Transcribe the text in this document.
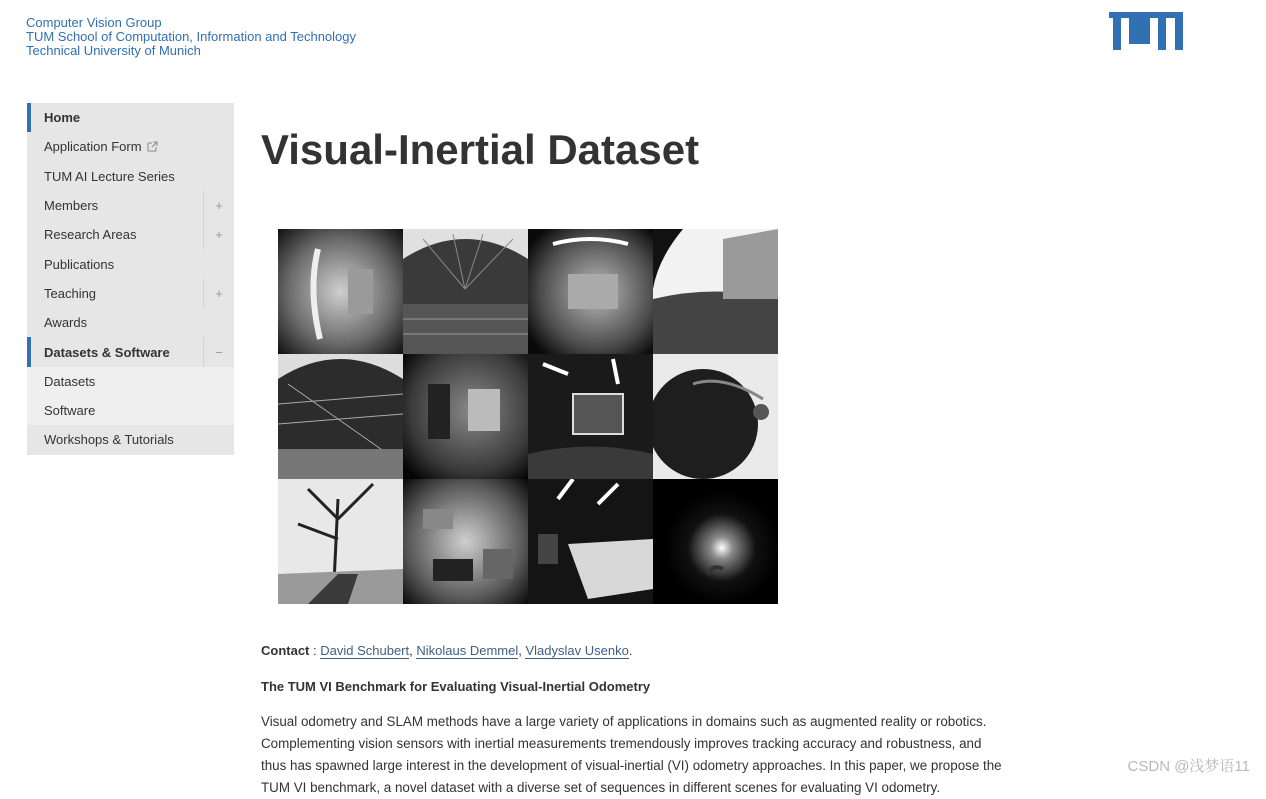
Computer Vision Group
TUM School of Computation, Information and Technology
Technical University of Munich
Home
Application Form
TUM AI Lecture Series
Members	+
Research Areas	+
Publications
Teaching	+
Awards
Datasets & Software	−
Datasets
Software
Workshops & Tutorials
Visual-Inertial Dataset
Contact : David Schubert, Nikolaus Demmel, Vladyslav Usenko.
The TUM VI Benchmark for Evaluating Visual-Inertial Odometry

Visual odometry and SLAM methods have a large variety of applications in domains such as augmented reality or robotics. Complementing vision sensors with inertial measurements tremendously improves tracking accuracy and robustness, and thus has spawned large interest in the development of visual-inertial (VI) odometry approaches. In this paper, we propose the TUM VI benchmark, a novel dataset with a diverse set of sequences in different scenes for evaluating VI odometry.

CSDN @浅梦语11
